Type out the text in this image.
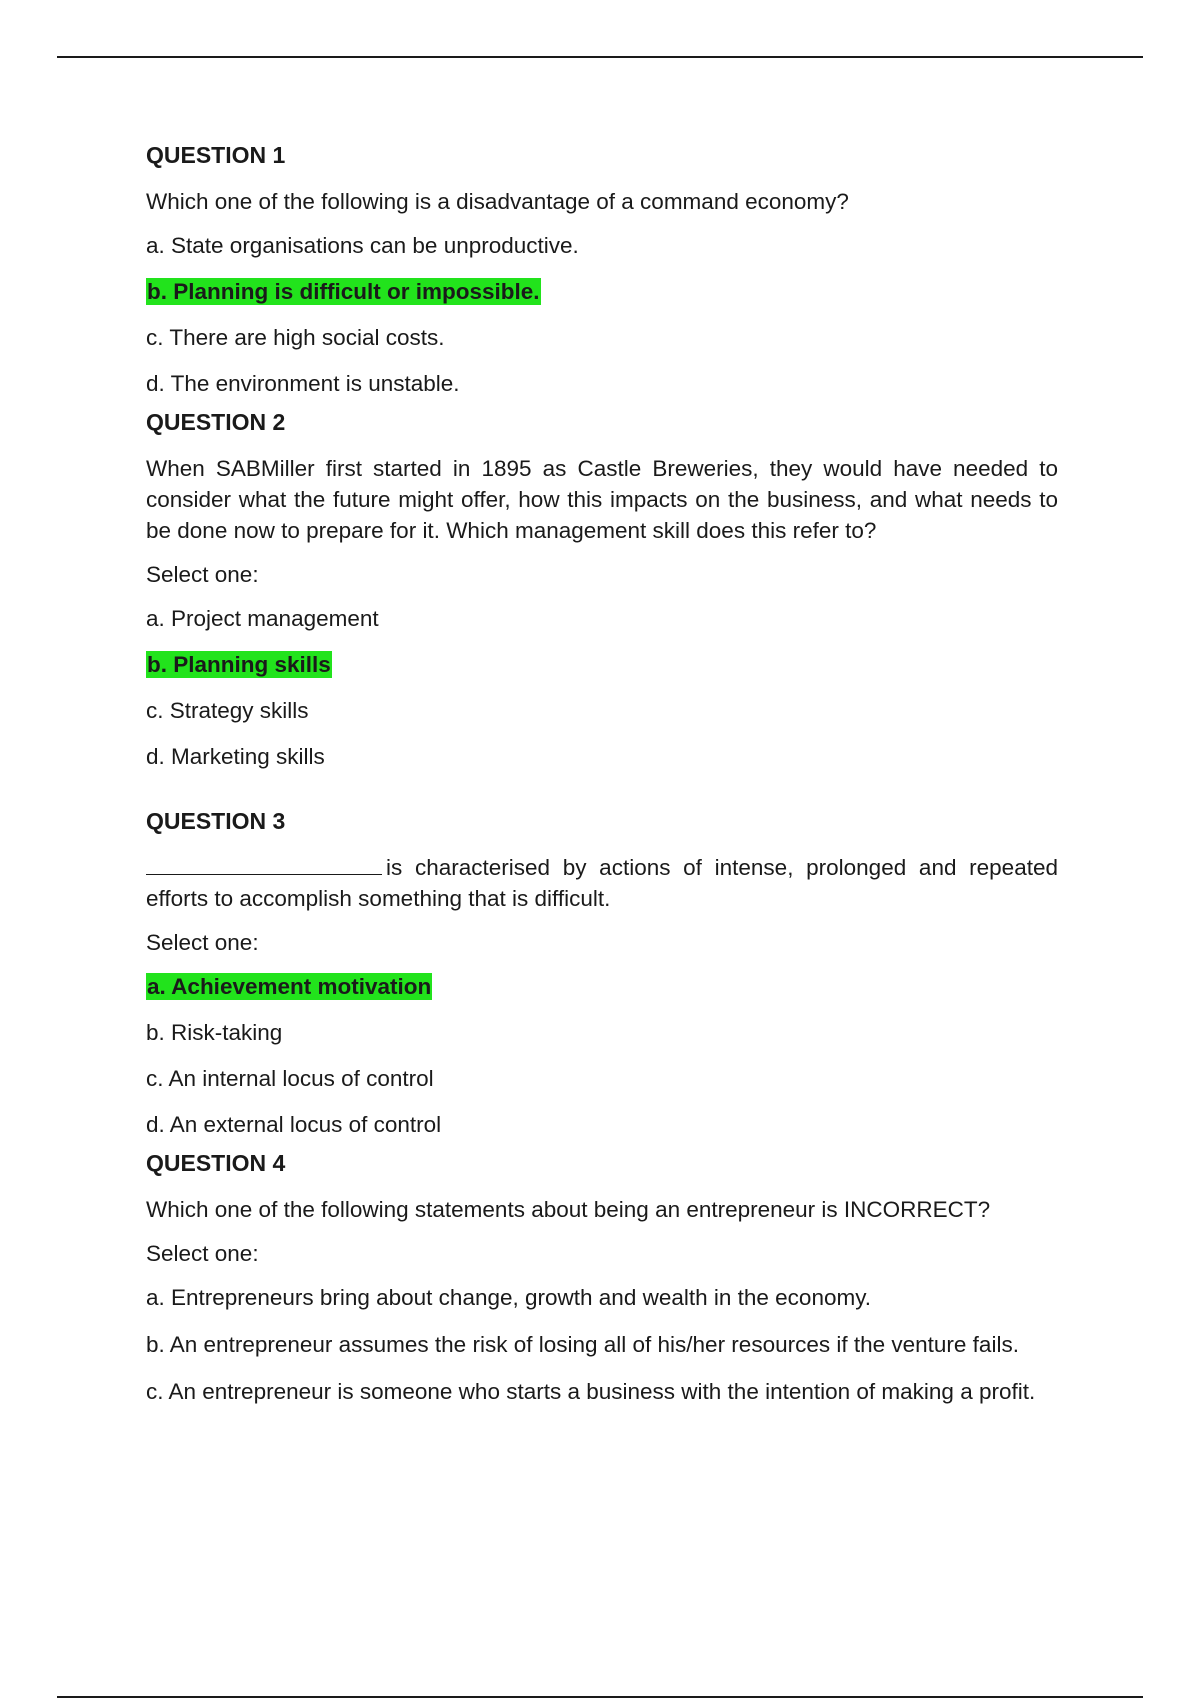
QUESTION 1
Which one of the following is a disadvantage of a command economy?
a. State organisations can be unproductive.
b. Planning is difficult or impossible.
c. There are high social costs.
d. The environment is unstable.
QUESTION 2
When SABMiller first started in 1895 as Castle Breweries, they would have needed to consider what the future might offer, how this impacts on the business, and what needs to be done now to prepare for it. Which management skill does this refer to?
Select one:
a. Project management
b. Planning skills
c. Strategy skills
d. Marketing skills
QUESTION 3
is characterised by actions of intense, prolonged and repeated efforts to accomplish something that is difficult.
Select one:
a. Achievement motivation
b. Risk-taking
c. An internal locus of control
d. An external locus of control
QUESTION 4
Which one of the following statements about being an entrepreneur is INCORRECT?
Select one:
a. Entrepreneurs bring about change, growth and wealth in the economy.
b. An entrepreneur assumes the risk of losing all of his/her resources if the venture fails.
c. An entrepreneur is someone who starts a business with the intention of making a profit.
